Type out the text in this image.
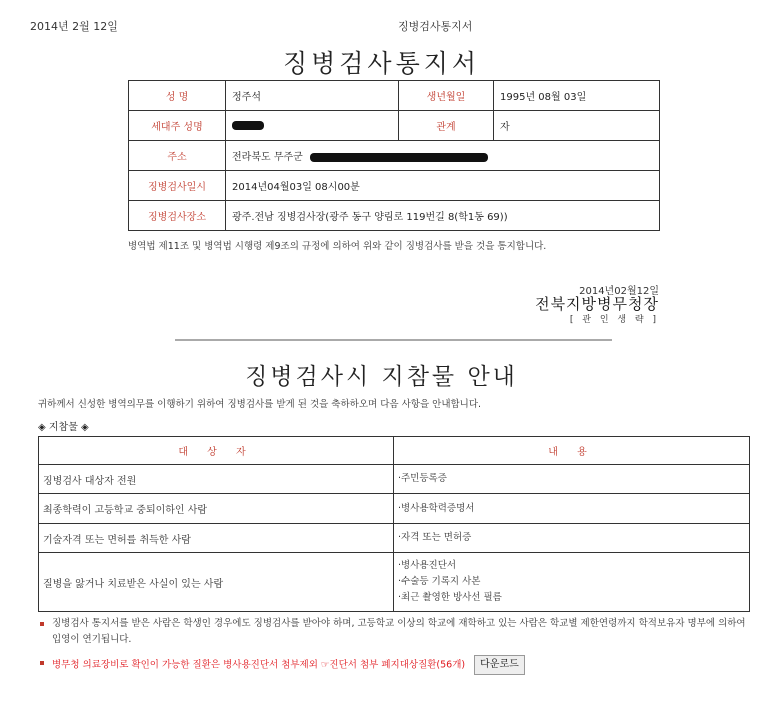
2014년 2월 12일	징병검사통지서
징병검사통지서
성 명	정주석	생년월일	1995년 08월 03일
세대주 성명		관계	자
주소	전라북도 무주군		
징병검사일시	2014년04월03일 08시00분		
징병검사장소	광주.전남 징병검사장(광주 동구 양림로 119번길 8(학1동 69))		
병역법 제11조 및 병역법 시행령 제9조의 규정에 의하여 위와 같이 징병검사를 받을 것을 통지합니다.
2014년02월12일
전북지방병무청장
[ 관 인 생 략 ]
징병검사시 지참물 안내
귀하께서 신성한 병역의무를 이행하기 위하여 징병검사를 받게 된 것을 축하하오며 다음 사항을 안내합니다.
◈ 지참물 ◈
대 상 자	내 용
징병검사 대상자 전원	·주민등록증

최종학력이 고등학교 중퇴이하인 사람	·병사용학력증명서

기술자격 또는 면허를 취득한 사람	·자격 또는 면허증

질병을 앓거나 치료받은 사실이 있는 사람	·병사용진단서
·수술등 기록지 사본
·최근 촬영한 방사선 필름
징병검사 통지서를 받은 사람은 학생인 경우에도 징병검사를 받아야 하며, 고등학교 이상의 학교에 재학하고 있는 사람은 학교별 제한연령까지 학적보유자 명부에 의하여 입영이 연기됩니다.
병무청 의료장비로 확인이 가능한 질환은 병사용진단서 첨부제외 ☞진단서 첨부 폐지대상질환(56개) 다운로드
